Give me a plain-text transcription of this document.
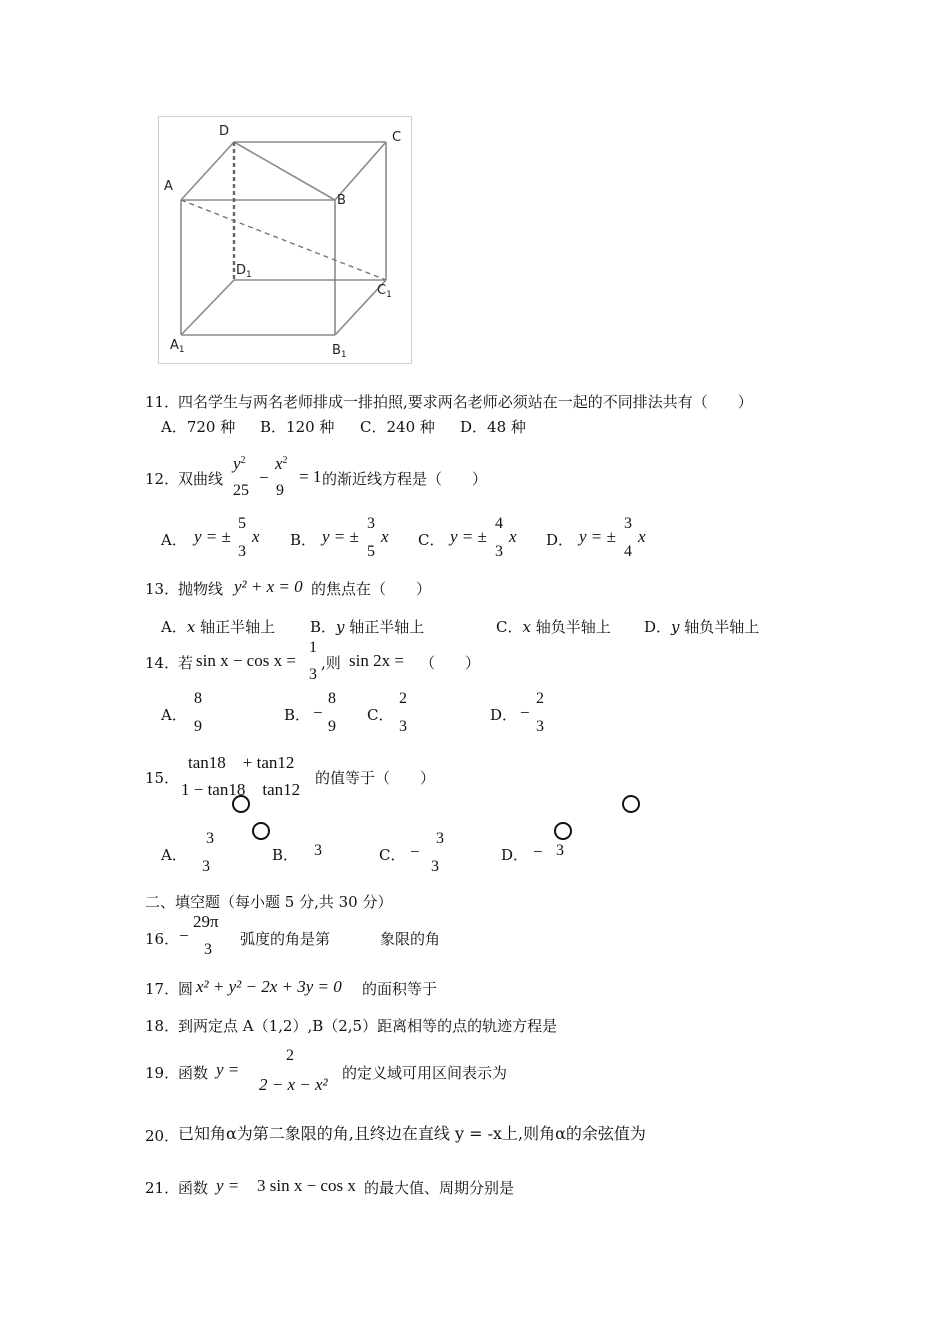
D	C
A
B
$D_1$
$C_1$
$A_1$	$B_1$
11．
四名学生与两名老师排成一排拍照,要求两名老师必须站在一起的不同排法共有（　　）
A．720 种 B．120 种 C．240 种 D．48 种
12．
双曲线
$y^2$
25
−
$x^2$
9
= 1 的渐近线方程是（　　）
A． y = ±
5
3
x B． y = ±
3
5
x C． y = ±
4
3
x D． y = ±
3
4
x
13．
抛物线 y² + x = 0 的焦点在（　　）
A．x 轴正半轴上 B．y 轴正半轴上	C．x 轴负半轴上 D．y 轴负半轴上
14．
若 sin x − cos x =
1
3
,则 sin 2x = （　　）
A．
8
9
B． −
8
9
C．
2
3
D． −
2
3
15．
tan18　+ tan12
1 − tan18　tan12
的值等于（　　）
A．
3
3
B． 3	C． −
3
3
D． − 3
二、填空题（每小题 5 分,共 30 分）
16． −
29π
3
弧度的角是第	象限的角
17．
圆 x² + y² − 2x + 3y = 0 的面积等于
18．
到两定点 A（1,2）,B（2,5）距离相等的点的轨迹方程是
19．
函数 y =
2
2 − x − x²
的定义域可用区间表示为
20．
已知角α为第二象限的角,且终边在直线 y = -x上,则角α的余弦值为
21．
函数 y = 3 sin x − cos x 的最大值、周期分别是
